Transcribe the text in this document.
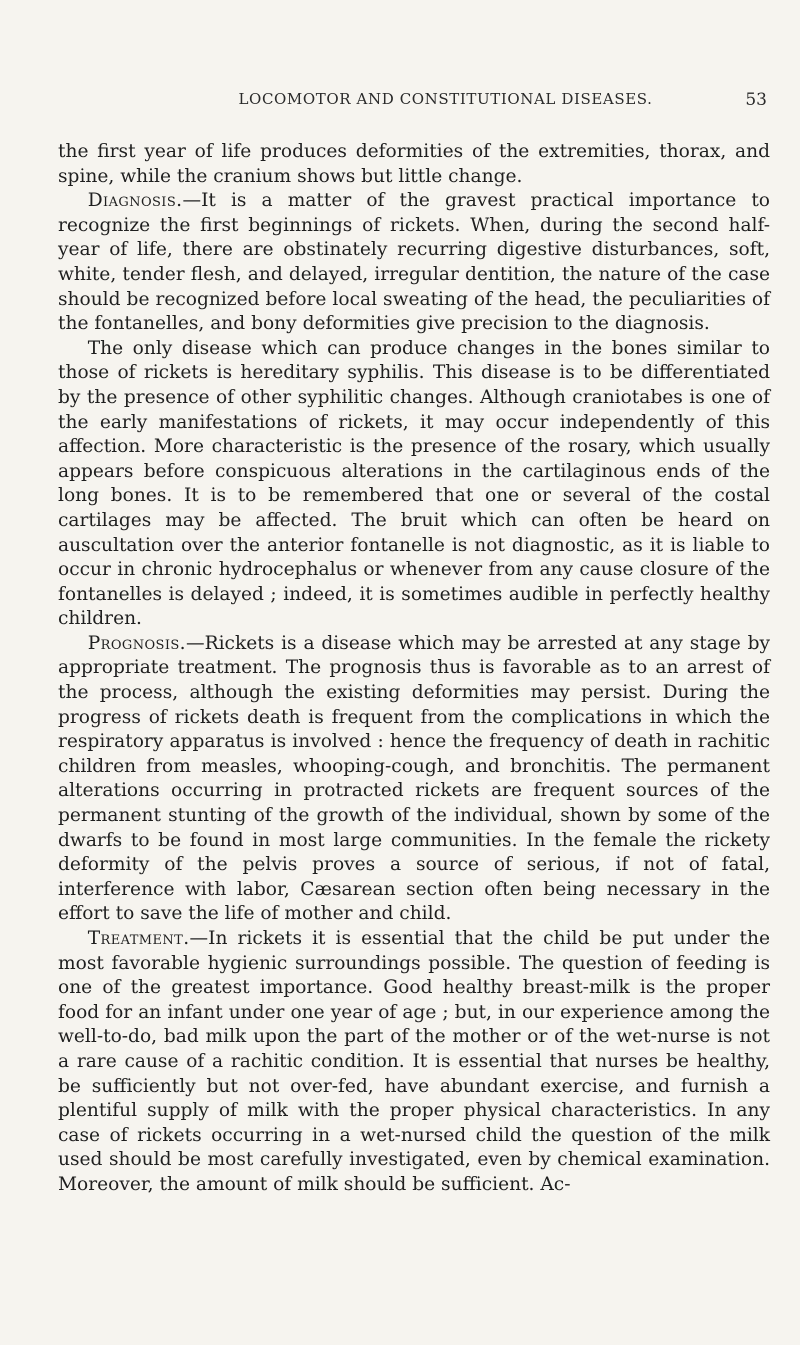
LOCOMOTOR AND CONSTITUTIONAL DISEASES.	53

the first year of life produces deformities of the extremities, thorax, and spine, while the cranium shows but little change.

Diagnosis.—It is a matter of the gravest practical importance to recognize the first beginnings of rickets. When, during the second half-year of life, there are obstinately recurring digestive disturbances, soft, white, tender flesh, and delayed, irregular dentition, the nature of the case should be recognized before local sweating of the head, the peculiarities of the fontanelles, and bony deformities give precision to the diagnosis.

The only disease which can produce changes in the bones similar to those of rickets is hereditary syphilis. This disease is to be differentiated by the presence of other syphilitic changes. Although craniotabes is one of the early manifestations of rickets, it may occur independently of this affection. More characteristic is the presence of the rosary, which usually appears before conspicuous alterations in the cartilaginous ends of the long bones. It is to be remembered that one or several of the costal cartilages may be affected. The bruit which can often be heard on auscultation over the anterior fontanelle is not diagnostic, as it is liable to occur in chronic hydrocephalus or whenever from any cause closure of the fontanelles is delayed ; indeed, it is sometimes audible in perfectly healthy children.

Prognosis.—Rickets is a disease which may be arrested at any stage by appropriate treatment. The prognosis thus is favorable as to an arrest of the process, although the existing deformities may persist. During the progress of rickets death is frequent from the complications in which the respiratory apparatus is involved : hence the frequency of death in rachitic children from measles, whooping-cough, and bronchitis. The permanent alterations occurring in protracted rickets are frequent sources of the permanent stunting of the growth of the individual, shown by some of the dwarfs to be found in most large communities. In the female the rickety deformity of the pelvis proves a source of serious, if not of fatal, interference with labor, Cæsarean section often being necessary in the effort to save the life of mother and child.

Treatment.—In rickets it is essential that the child be put under the most favorable hygienic surroundings possible. The question of feeding is one of the greatest importance. Good healthy breast-milk is the proper food for an infant under one year of age ; but, in our experience among the well-to-do, bad milk upon the part of the mother or of the wet-nurse is not a rare cause of a rachitic condition. It is essential that nurses be healthy, be sufficiently but not over-fed, have abundant exercise, and furnish a plentiful supply of milk with the proper physical characteristics. In any case of rickets occurring in a wet-nursed child the question of the milk used should be most carefully investigated, even by chemical examination. Moreover, the amount of milk should be sufficient. Ac-
